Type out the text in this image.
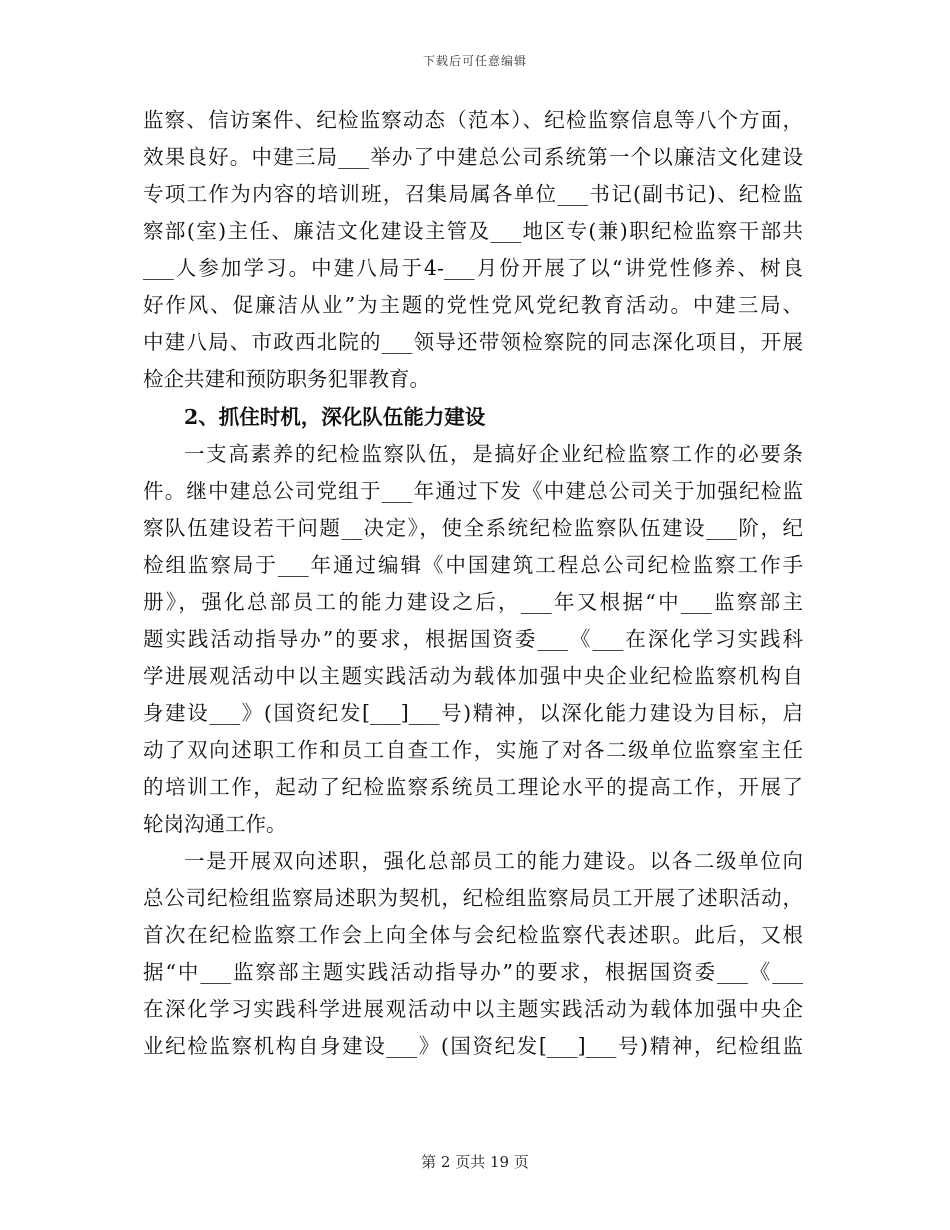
下载后可任意编辑
监察、信访案件、纪检监察动态（范本）、纪检监察信息等八个方面，
效果良好。中建三局___举办了中建总公司系统第一个以廉洁文化建设
专项工作为内容的培训班，召集局属各单位___书记(副书记)、纪检监
察部(室)主任、廉洁文化建设主管及___地区专(兼)职纪检监察干部共
___人参加学习。中建八局于4-___月份开展了以“讲党性修养、树良
好作风、促廉洁从业”为主题的党性党风党纪教育活动。中建三局、
中建八局、市政西北院的___领导还带领检察院的同志深化项目，开展
检企共建和预防职务犯罪教育。
2、抓住时机，深化队伍能力建设
一支高素养的纪检监察队伍，是搞好企业纪检监察工作的必要条
件。继中建总公司党组于___年通过下发《中建总公司关于加强纪检监
察队伍建设若干问题__决定》，使全系统纪检监察队伍建设___阶，纪
检组监察局于___年通过编辑《中国建筑工程总公司纪检监察工作手
册》，强化总部员工的能力建设之后，___年又根据“中___监察部主
题实践活动指导办”的要求，根据国资委___《___在深化学习实践科
学进展观活动中以主题实践活动为载体加强中央企业纪检监察机构自
身建设___》(国资纪发[___]___号)精神，以深化能力建设为目标，启
动了双向述职工作和员工自查工作，实施了对各二级单位监察室主任
的培训工作，起动了纪检监察系统员工理论水平的提高工作，开展了
轮岗沟通工作。
一是开展双向述职，强化总部员工的能力建设。以各二级单位向
总公司纪检组监察局述职为契机，纪检组监察局员工开展了述职活动，
首次在纪检监察工作会上向全体与会纪检监察代表述职。此后，又根
据“中___监察部主题实践活动指导办”的要求，根据国资委___《___
在深化学习实践科学进展观活动中以主题实践活动为载体加强中央企
业纪检监察机构自身建设___》(国资纪发[___]___号)精神，纪检组监
第 2 页共 19 页
